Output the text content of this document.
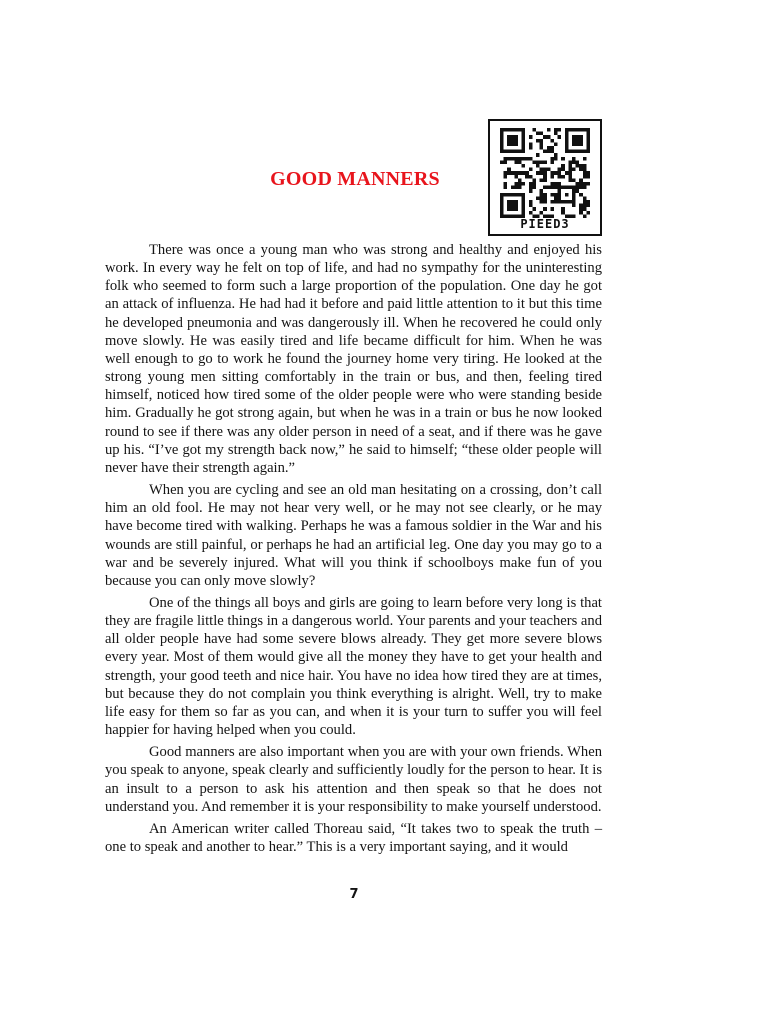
GOOD MANNERS
PIEED3

There was once a young man who was strong and healthy and enjoyed his work. In every way he felt on top of life, and had no sympathy for the uninteresting folk who seemed to form such a large proportion of the population. One day he got an attack of influenza. He had had it before and paid little attention to it but this time he developed pneumonia and was dangerously ill. When he recovered he could only move slowly. He was easily tired and life became difficult for him. When he was well enough to go to work he found the journey home very tiring. He looked at the strong young men sitting comfortably in the train or bus, and then, feeling tired himself, noticed how tired some of the older people were who were standing beside him. Gradually he got strong again, but when he was in a train or bus he now looked round to see if there was any older person in need of a seat, and if there was he gave up his. “I’ve got my strength back now,” he said to himself; “these older people will never have their strength again.”

When you are cycling and see an old man hesitating on a crossing, don’t call him an old fool. He may not hear very well, or he may not see clearly, or he may have become tired with walking. Perhaps he was a famous soldier in the War and his wounds are still painful, or perhaps he had an artificial leg. One day you may go to a war and be severely injured. What will you think if schoolboys make fun of you because you can only move slowly?

One of the things all boys and girls are going to learn before very long is that they are fragile little things in a dangerous world. Your parents and your teachers and all older people have had some severe blows already. They get more severe blows every year. Most of them would give all the money they have to get your health and strength, your good teeth and nice hair. You have no idea how tired they are at times, but because they do not complain you think everything is alright. Well, try to make life easy for them so far as you can, and when it is your turn to suffer you will feel happier for having helped when you could.

Good manners are also important when you are with your own friends. When you speak to anyone, speak clearly and sufficiently loudly for the person to hear. It is an insult to a person to ask his attention and then speak so that he does not understand you. And remember it is your responsibility to make yourself understood.

An American writer called Thoreau said, “It takes two to speak the truth – one to speak and another to hear.” This is a very important saying, and it would

7
